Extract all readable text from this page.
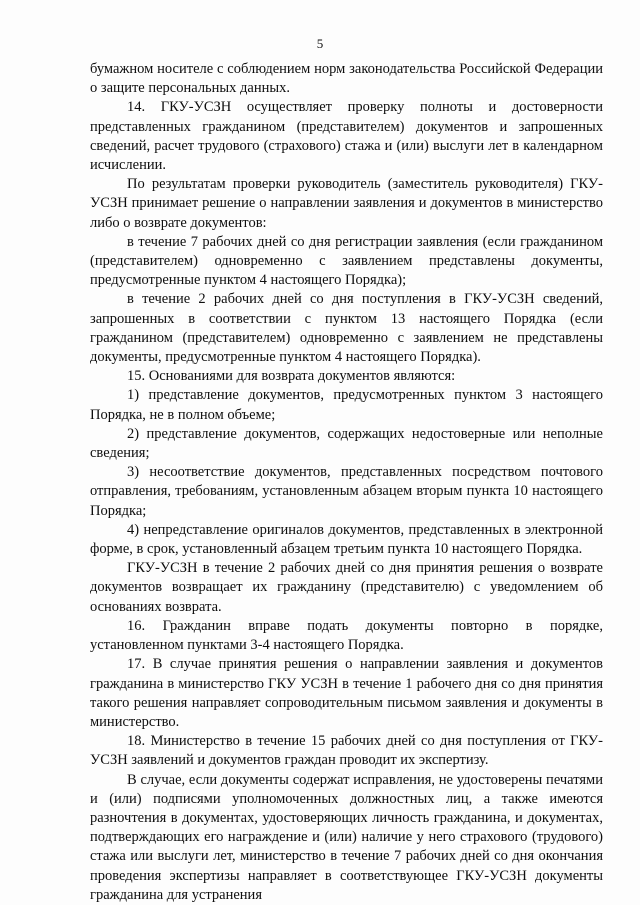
5

бумажном носителе с соблюдением норм законодательства Российской Федерации о защите персональных данных.

14. ГКУ-УСЗН осуществляет проверку полноты и достоверности представленных гражданином (представителем) документов и запрошенных сведений, расчет трудового (страхового) стажа и (или) выслуги лет в календарном исчислении.

По результатам проверки руководитель (заместитель руководителя) ГКУ-УСЗН принимает решение о направлении заявления и документов в министерство либо о возврате документов:

в течение 7 рабочих дней со дня регистрации заявления (если гражданином (представителем) одновременно с заявлением представлены документы, предусмотренные пунктом 4 настоящего Порядка);

в течение 2 рабочих дней со дня поступления в ГКУ-УСЗН сведений, запрошенных в соответствии с пунктом 13 настоящего Порядка (если гражданином (представителем) одновременно с заявлением не представлены документы, предусмотренные пунктом 4 настоящего Порядка).

15. Основаниями для возврата документов являются:

1) представление документов, предусмотренных пунктом 3 настоящего Порядка, не в полном объеме;

2) представление документов, содержащих недостоверные или неполные сведения;

3) несоответствие документов, представленных посредством почтового отправления, требованиям, установленным абзацем вторым пункта 10 настоящего Порядка;

4) непредставление оригиналов документов, представленных в электронной форме, в срок, установленный абзацем третьим пункта 10 настоящего Порядка.

ГКУ-УСЗН в течение 2 рабочих дней со дня принятия решения о возврате документов возвращает их гражданину (представителю) с уведомлением об основаниях возврата.

16. Гражданин вправе подать документы повторно в порядке, установленном пунктами 3-4 настоящего Порядка.

17. В случае принятия решения о направлении заявления и документов гражданина в министерство ГКУ УСЗН в течение 1 рабочего дня со дня принятия такого решения направляет сопроводительным письмом заявления и документы в министерство.

18. Министерство в течение 15 рабочих дней со дня поступления от ГКУ-УСЗН заявлений и документов граждан проводит их экспертизу.

В случае, если документы содержат исправления, не удостоверены печатями и (или) подписями уполномоченных должностных лиц, а также имеются разночтения в документах, удостоверяющих личность гражданина, и документах, подтверждающих его награждение и (или) наличие у него страхового (трудового) стажа или выслуги лет, министерство в течение 7 рабочих дней со дня окончания проведения экспертизы направляет в соответствующее ГКУ-УСЗН документы гражданина для устранения
